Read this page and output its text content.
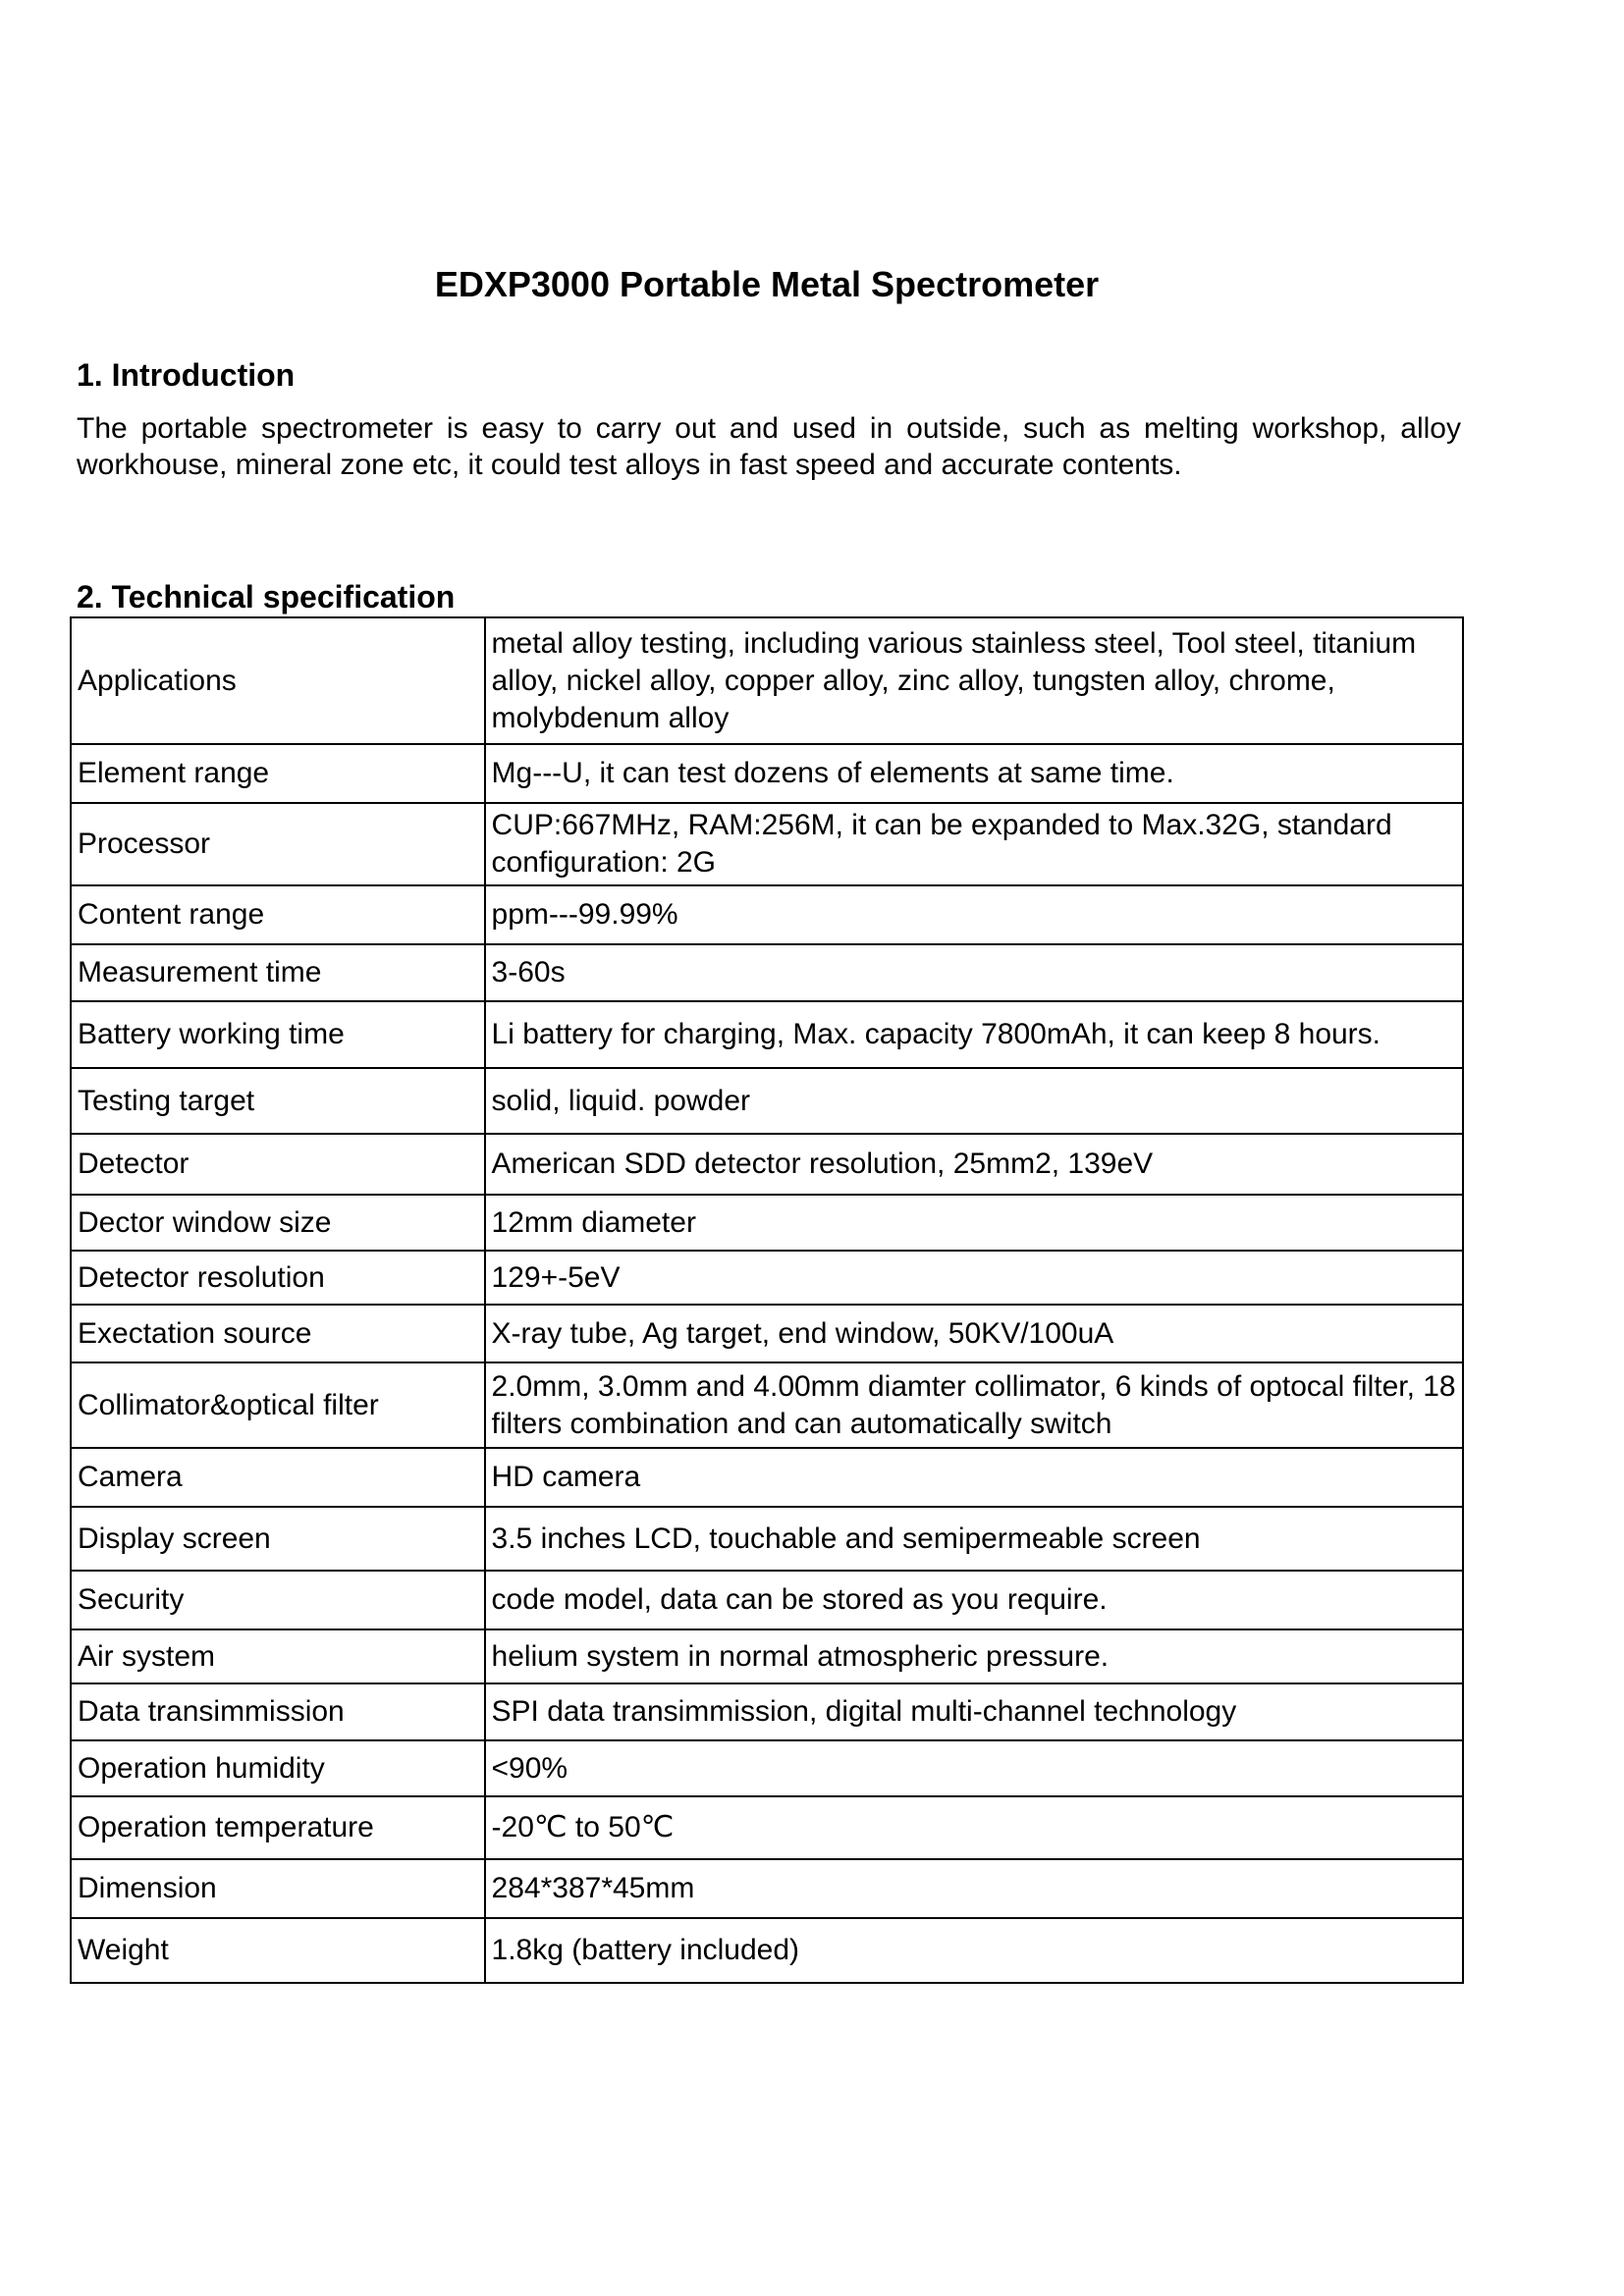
EDXP3000 Portable Metal Spectrometer
1. Introduction
The portable spectrometer is easy to carry out and used in outside, such as melting workshop, alloy workhouse, mineral zone etc, it could test alloys in fast speed and accurate contents.
2. Technical specification
Applications	metal alloy testing, including various stainless steel, Tool steel, titanium alloy, nickel alloy, copper alloy, zinc alloy, tungsten alloy, chrome, molybdenum alloy
Element range	Mg---U, it can test dozens of elements at same time.
Processor	CUP:667MHz, RAM:256M, it can be expanded to Max.32G, standard configuration: 2G
Content range	ppm---99.99%
Measurement time	3-60s
Battery working time	Li battery for charging, Max. capacity 7800mAh, it can keep 8 hours.
Testing target	solid, liquid. powder
Detector	American SDD detector resolution, 25mm2, 139eV
Dector window size	12mm diameter
Detector resolution	129+-5eV
Exectation source	X-ray tube, Ag target, end window, 50KV/100uA
Collimator&optical filter	2.0mm, 3.0mm and 4.00mm diamter collimator, 6 kinds of optocal filter, 18 filters combination and can automatically switch
Camera	HD camera
Display screen	3.5 inches LCD, touchable and semipermeable screen
Security	code model, data can be stored as you require.
Air system	helium system in normal atmospheric pressure.
Data transimmission	SPI data transimmission, digital multi-channel technology
Operation humidity	<90%
Operation temperature	-20℃ to 50℃
Dimension	284*387*45mm
Weight	1.8kg (battery included)
